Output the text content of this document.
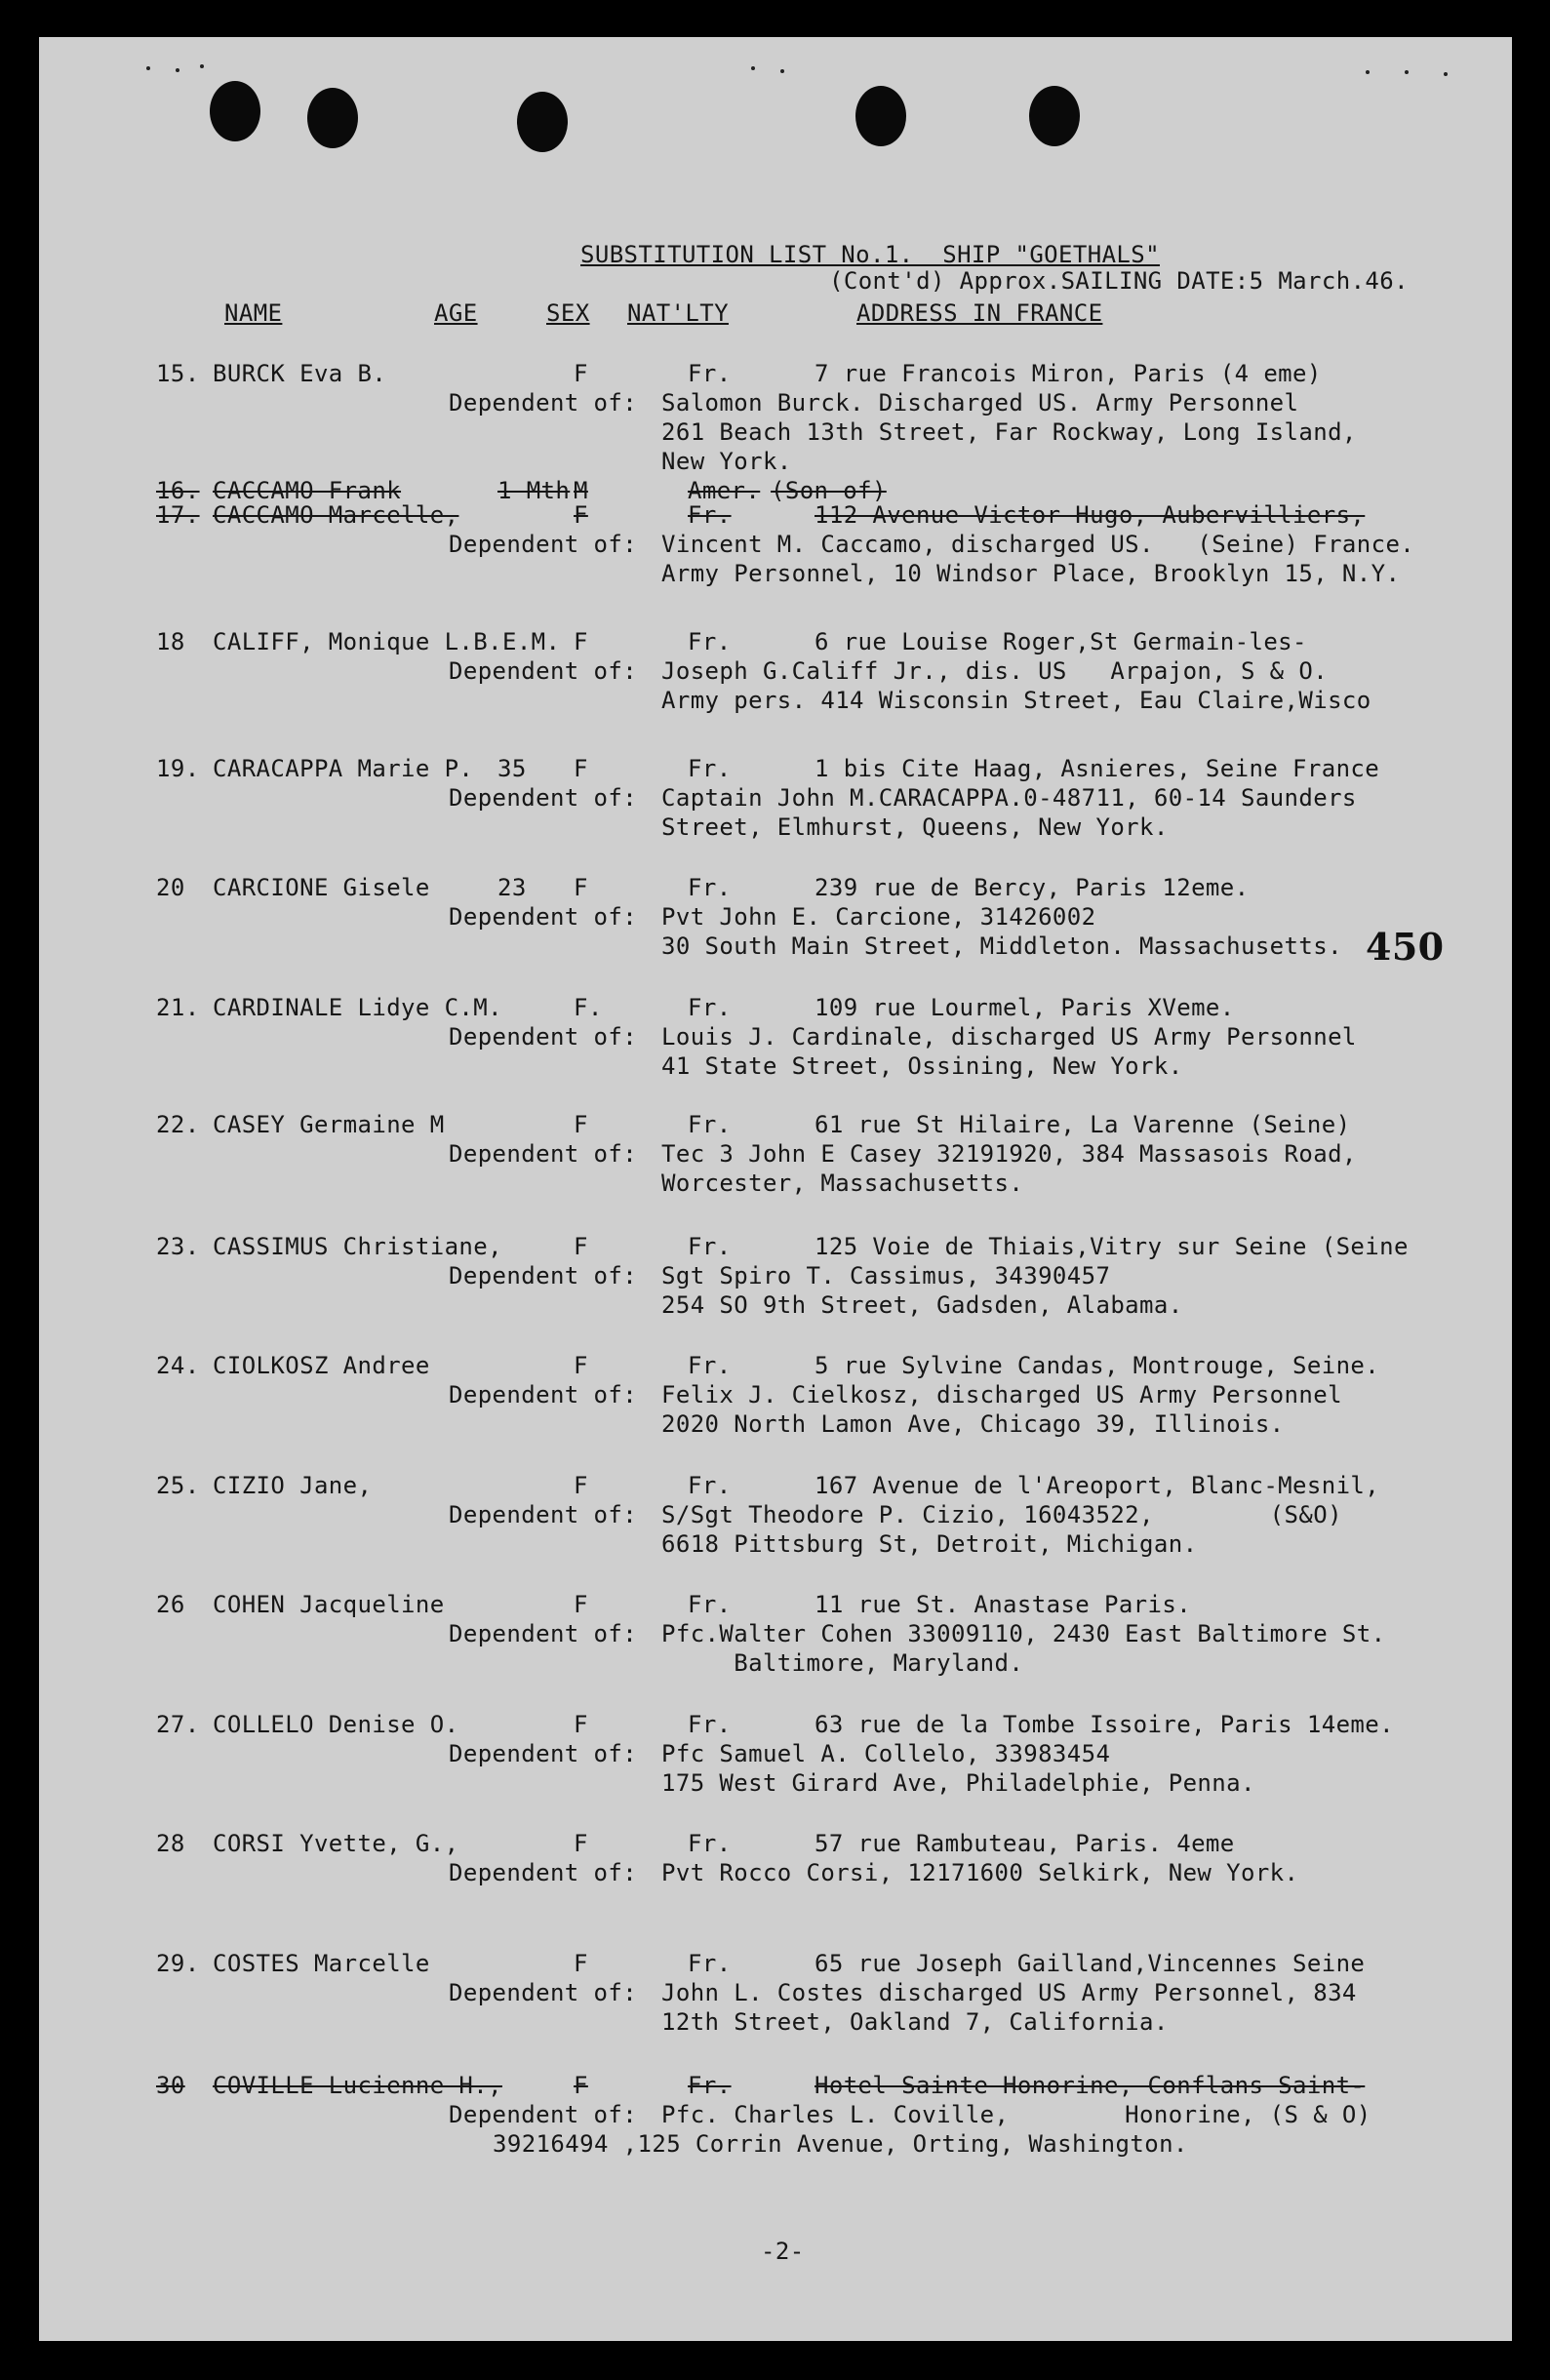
SUBSTITUTION LIST No.1.  SHIP "GOETHALS"
(Cont'd) Approx.SAILING DATE:5 March.46.
NAME	AGE	SEX NAT'LTY	ADDRESS IN FRANCE
15. BURCK Eva B.	F	Fr.	7 rue Francois Miron, Paris (4 eme)
Dependent of: Salomon Burck. Discharged US. Army Personnel
261 Beach 13th Street, Far Rockway, Long Island,
New York.
16. CACCAMO Frank	1 Mth M	Amer. (Son of)
17. CACCAMO Marcelle,	F	Fr.	112 Avenue Victor Hugo, Aubervilliers,
Dependent of: Vincent M. Caccamo, discharged US.   (Seine) France.
Army Personnel, 10 Windsor Place, Brooklyn 15, N.Y.
18 CALIFF, Monique L.B.E.M. F	Fr.	6 rue Louise Roger,St Germain-les-
Dependent of: Joseph G.Califf Jr., dis. US   Arpajon, S & O.
Army pers. 414 Wisconsin Street, Eau Claire,Wisco
19. CARACAPPA Marie P. 35 F	Fr.	1 bis Cite Haag, Asnieres, Seine France
Dependent of: Captain John M.CARACAPPA.0-48711, 60-14 Saunders
Street, Elmhurst, Queens, New York.
20 CARCIONE Gisele	23 F	Fr.	239 rue de Bercy, Paris 12eme.
Dependent of: Pvt John E. Carcione, 31426002
30 South Main Street, Middleton. Massachusetts.
21. CARDINALE Lidye C.M.	F.	Fr.	109 rue Lourmel, Paris XVeme.
Dependent of: Louis J. Cardinale, discharged US Army Personnel
41 State Street, Ossining, New York.
22. CASEY Germaine M	F	Fr.	61 rue St Hilaire, La Varenne (Seine)
Dependent of: Tec 3 John E Casey 32191920, 384 Massasois Road,
Worcester, Massachusetts.
23. CASSIMUS Christiane,	F	Fr.	125 Voie de Thiais,Vitry sur Seine (Seine
Dependent of: Sgt Spiro T. Cassimus, 34390457
254 SO 9th Street, Gadsden, Alabama.
24. CIOLKOSZ Andree	F	Fr.	5 rue Sylvine Candas, Montrouge, Seine.
Dependent of: Felix J. Cielkosz, discharged US Army Personnel
2020 North Lamon Ave, Chicago 39, Illinois.
25. CIZIO Jane,	F	Fr.	167 Avenue de l'Areoport, Blanc-Mesnil,
Dependent of: S/Sgt Theodore P. Cizio, 16043522,        (S&O)
6618 Pittsburg St, Detroit, Michigan.
26 COHEN Jacqueline	F	Fr.	11 rue St. Anastase Paris.
Dependent of: Pfc.Walter Cohen 33009110, 2430 East Baltimore St.
Baltimore, Maryland.
27. COLLELO Denise O.	F	Fr.	63 rue de la Tombe Issoire, Paris 14eme.
Dependent of: Pfc Samuel A. Collelo, 33983454
175 West Girard Ave, Philadelphie, Penna.
28 CORSI Yvette, G.,	F	Fr.	57 rue Rambuteau, Paris. 4eme
Dependent of: Pvt Rocco Corsi, 12171600 Selkirk, New York.
29. COSTES Marcelle	F	Fr.	65 rue Joseph Gailland,Vincennes Seine
Dependent of: John L. Costes discharged US Army Personnel, 834
12th Street, Oakland 7, California.
30 COVILLE Lucienne H.,	F	Fr.	Hotel Sainte Honorine, Conflans Saint-
Dependent of: Pfc. Charles L. Coville,        Honorine, (S & O)
39216494 ,125 Corrin Avenue, Orting, Washington.
450
-2-
